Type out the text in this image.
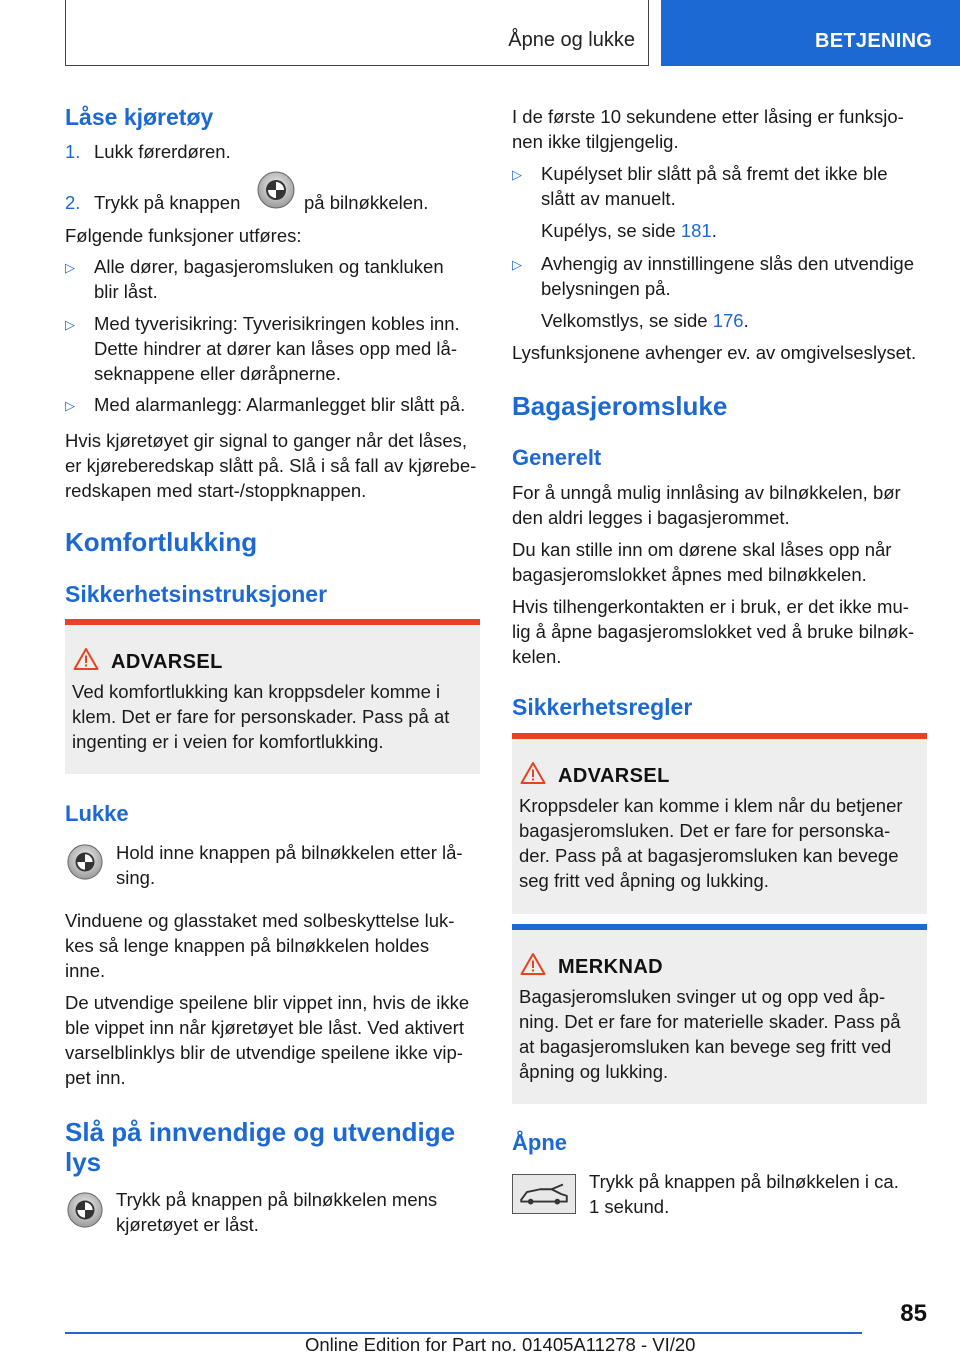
Åpne og lukke	BETJENING
Låse kjøretøy
1. Lukk førerdøren.
2. Trykk på knappen	på bilnøkkelen.
Følgende funksjoner utføres:
▷ Alle dører, bagasjeromsluken og tankluken
blir låst.
▷ Med tyverisikring: Tyverisikringen kobles inn.
Dette hindrer at dører kan låses opp med lå-
seknappene eller døråpnerne.
▷ Med alarmanlegg: Alarmanlegget blir slått på.
Hvis kjøretøyet gir signal to ganger når det låses,
er kjøreberedskap slått på. Slå i så fall av kjørebe-
redskapen med start-/stoppknappen.
Komfortlukking
Sikkerhetsinstruksjoner
ADVARSEL
Ved komfortlukking kan kroppsdeler komme i
klem. Det er fare for personskader. Pass på at
ingenting er i veien for komfortlukking.
Lukke
Hold inne knappen på bilnøkkelen etter lå-
sing.
Vinduene og glasstaket med solbeskyttelse luk-
kes så lenge knappen på bilnøkkelen holdes
inne.
De utvendige speilene blir vippet inn, hvis de ikke
ble vippet inn når kjøretøyet ble låst. Ved aktivert
varselblinklys blir de utvendige speilene ikke vip-
pet inn.
Slå på innvendige og utvendige
lys
Trykk på knappen på bilnøkkelen mens
kjøretøyet er låst.
I de første 10 sekundene etter låsing er funksjo-
nen ikke tilgjengelig.
▷ Kupélyset blir slått på så fremt det ikke ble
slått av manuelt.
Kupélys, se side 181.
▷ Avhengig av innstillingene slås den utvendige
belysningen på.
Velkomstlys, se side 176.
Lysfunksjonene avhenger ev. av omgivelseslyset.
Bagasjeromsluke
Generelt
For å unngå mulig innlåsing av bilnøkkelen, bør
den aldri legges i bagasjerommet.
Du kan stille inn om dørene skal låses opp når
bagasjeromslokket åpnes med bilnøkkelen.
Hvis tilhengerkontakten er i bruk, er det ikke mu-
lig å åpne bagasjeromslokket ved å bruke bilnøk-
kelen.
Sikkerhetsregler
ADVARSEL
Kroppsdeler kan komme i klem når du betjener
bagasjeromsluken. Det er fare for personska-
der. Pass på at bagasjeromsluken kan bevege
seg fritt ved åpning og lukking.
MERKNAD
Bagasjeromsluken svinger ut og opp ved åp-
ning. Det er fare for materielle skader. Pass på
at bagasjeromsluken kan bevege seg fritt ved
åpning og lukking.
Åpne
Trykk på knappen på bilnøkkelen i ca.
1 sekund.
85
Online Edition for Part no. 01405A11278 - VI/20
